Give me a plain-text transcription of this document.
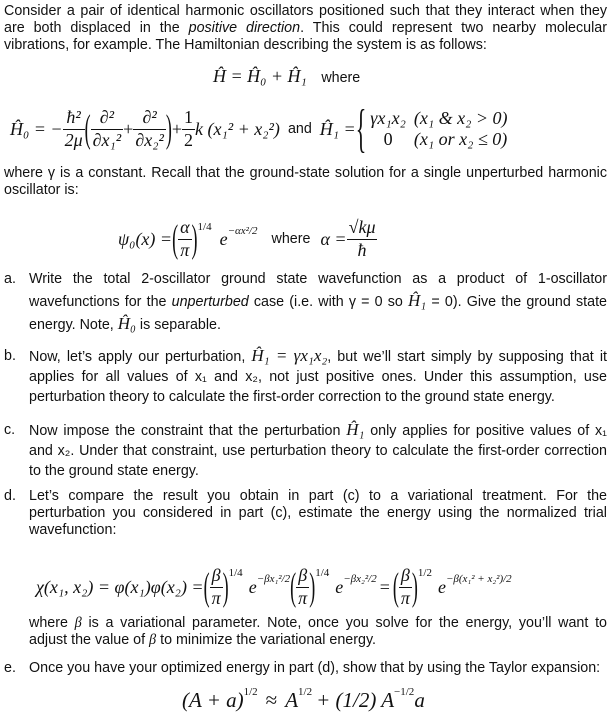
Consider a pair of identical harmonic oscillators positioned such that they interact when they are both displaced in the positive direction. This could represent two nearby molecular vibrations, for example. The Hamiltonian describing the system is as follows:

Ĥ = Ĥ₀ + Ĥ₁ where
Ĥ₀ = − $\frac{\text{ħ²}}{2\mu}$ ( $\frac{\text{∂²}}{\text{∂x₁²}} + \frac{\text{∂²}}{\text{∂x₂²}}$ ) + $\frac{1}{2}$ k (x₁² + x₂²) and Ĥ₁ = { γx₁x₂	(x₁ & x₂ > 0)
0	(x₁ or x₂ ≤ 0)

where γ is a constant. Recall that the ground-state solution for a single unperturbed harmonic oscillator is:

ψ₀(x) = ( $\frac{\alpha}{\pi} )^{1/4}$
$e^{-\alpha x^2/2}$ where $\alpha = \frac{√k\mu}{ħ}$
a. Write the total 2-oscillator ground state wavefunction as a product of 1-oscillator wavefunctions for the unperturbed case (i.e. with γ = 0 so Ĥ₁ = 0). Give the ground state energy. Note, Ĥ₀ is separable.
b. Now, let’s apply our perturbation, Ĥ₁ = γx₁x₂, but we’ll start simply by supposing that it applies for all values of x₁ and x₂, not just positive ones. Under this assumption, use perturbation theory to calculate the first-order correction to the ground state energy.
c. Now impose the constraint that the perturbation Ĥ₁ only applies for positive values of x₁ and x₂. Under that constraint, use perturbation theory to calculate the first-order correction to the ground state energy.
d. Let’s compare the result you obtain in part (c) to a variational treatment. For the perturbation you considered in part (c), estimate the energy using the normalized trial wavefunction:
χ(x₁, x₂) = φ(x₁)φ(x₂) = ( $\frac{\beta}{\pi} )^{1/4}$
$e^{-\beta x_1^2/2}$ ( $\frac{\beta}{\pi} )^{1/4}$
$e^{-\beta x_2^2/2}$ = ( $\frac{\beta}{\pi} )^{1/2}$
$e^{-\beta(x_1^2 + x_2^2)/2}$
where β is a variational parameter. Note, once you solve for the energy, you’ll want to adjust the value of β to minimize the variational energy.
e. Once you have your optimized energy in part (d), show that by using the Taylor expansion:
$(A + a)^{1/2} \approx A^{1/2} + (1/2)$ $A^{-1/2}$ a
